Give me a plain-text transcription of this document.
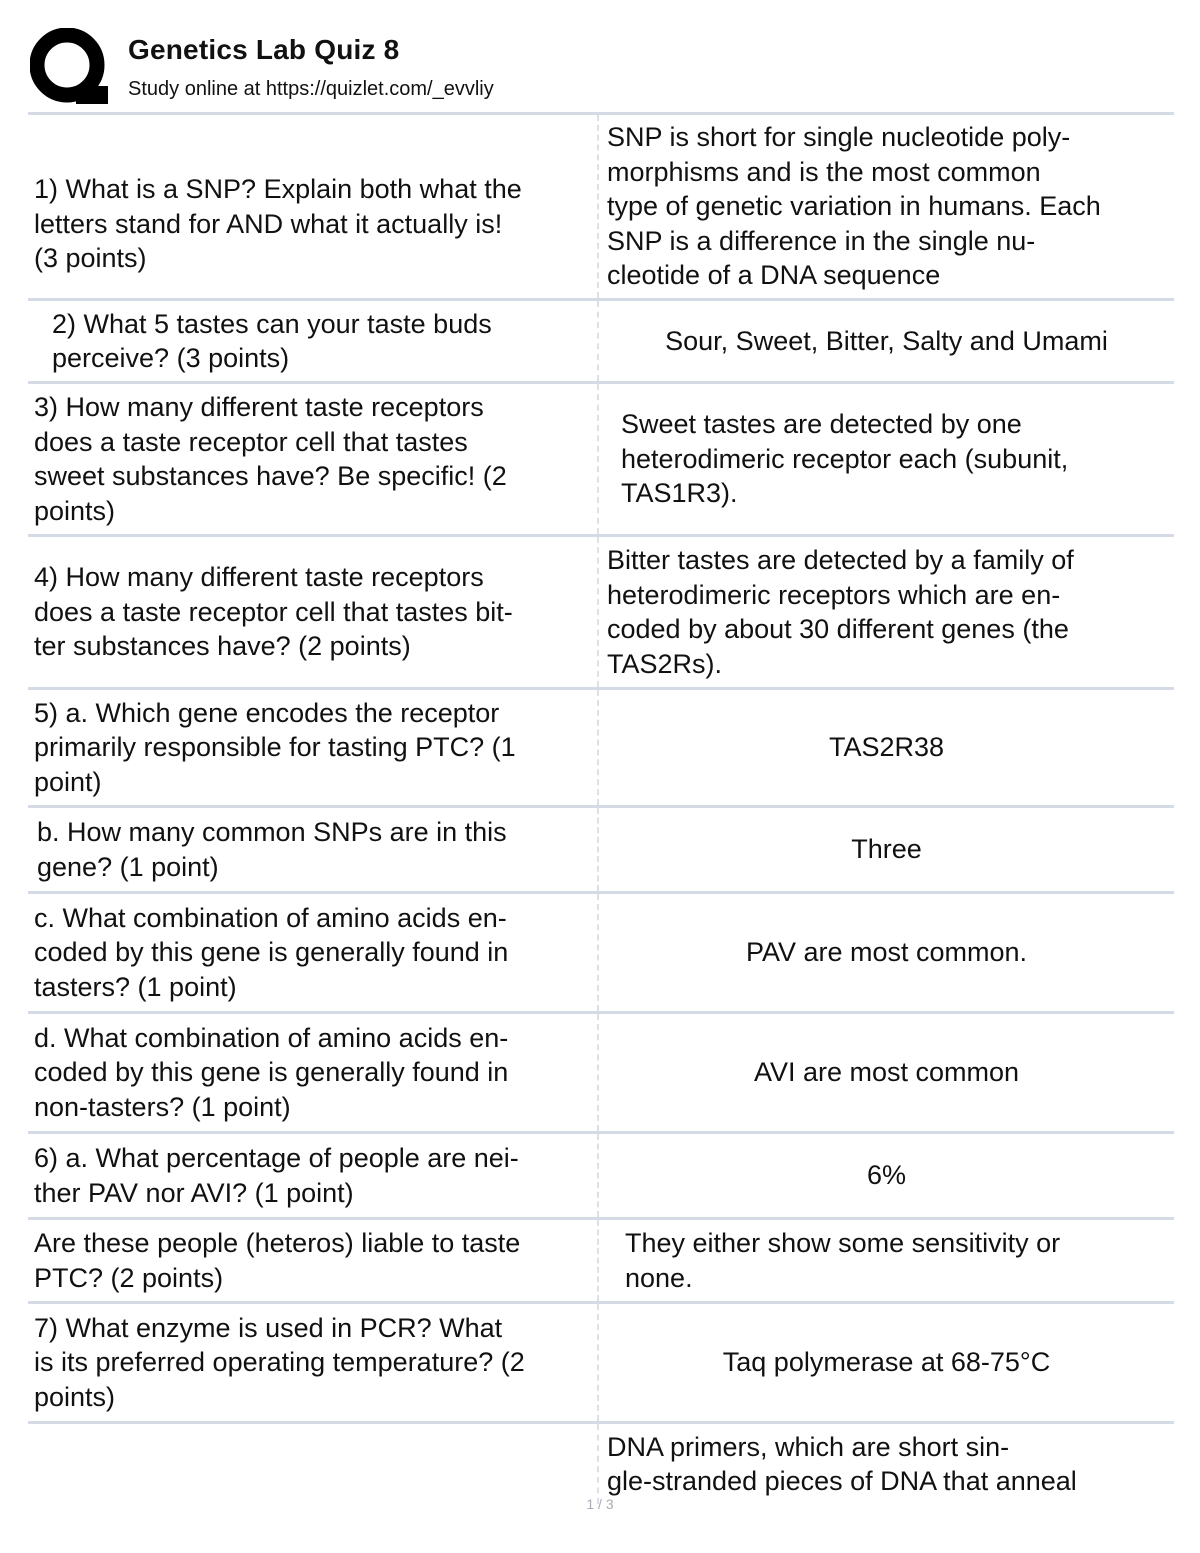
Genetics Lab Quiz 8
Study online at https://quizlet.com/_evvliy

1) What is a SNP? Explain both what the
letters stand for AND what it actually is!
(3 points)
SNP is short for single nucleotide poly-
morphisms and is the most common
type of genetic variation in humans. Each
SNP is a difference in the single nu-
cleotide of a DNA sequence
2) What 5 tastes can your taste buds
perceive? (3 points)
Sour, Sweet, Bitter, Salty and Umami
3) How many different taste receptors
does a taste receptor cell that tastes
sweet substances have? Be specific! (2
points)
Sweet tastes are detected by one
heterodimeric receptor each (subunit,
TAS1R3).
4) How many different taste receptors
does a taste receptor cell that tastes bit-
ter substances have? (2 points)
Bitter tastes are detected by a family of
heterodimeric receptors which are en-
coded by about 30 different genes (the
TAS2Rs).
5) a. Which gene encodes the receptor
primarily responsible for tasting PTC? (1
point)
TAS2R38
b. How many common SNPs are in this
gene? (1 point)
Three
c. What combination of amino acids en-
coded by this gene is generally found in
tasters? (1 point)
PAV are most common.
d. What combination of amino acids en-
coded by this gene is generally found in
non-tasters? (1 point)
AVI are most common
6) a. What percentage of people are nei-
ther PAV nor AVI? (1 point)
6%
Are these people (heteros) liable to taste
PTC? (2 points)
They either show some sensitivity or
none.
7) What enzyme is used in PCR? What
is its preferred operating temperature? (2
points)
Taq polymerase at 68-75°C
DNA primers, which are short sin-
gle-stranded pieces of DNA that anneal
1 / 3
